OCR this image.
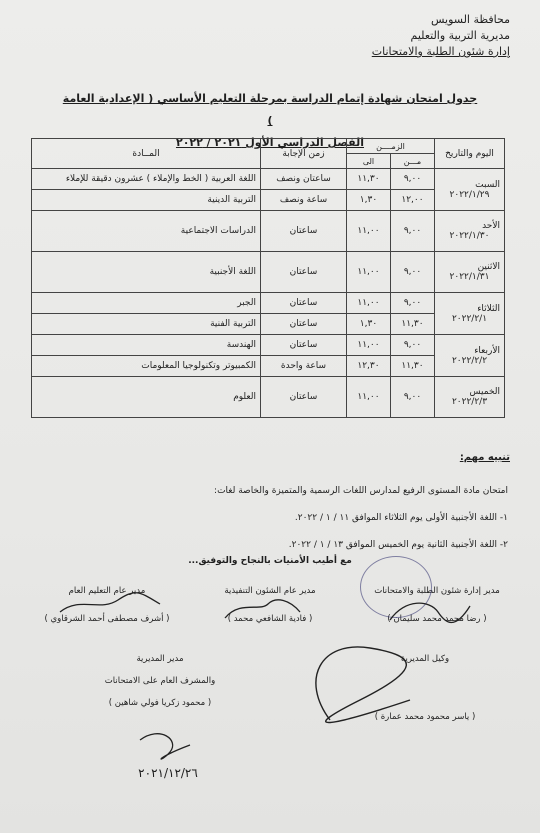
محافظة السويس
مديرية التربية والتعليم
إدارة شئون الطلبة والامتحانات
جدول امتحان شهادة إتمام الدراسة بمرحلة التعليم الأساسي ( الإعدادية العامة )
الفصل الدراسي الأول ٢٠٢١ / ٢٠٢٢
اليوم والتاريخ	الزمــــن		زمن الإجابة	المــادة
	مـــن	الى		

السبت
٢٠٢٢/١/٢٩	٩,٠٠	١١,٣٠	ساعتان ونصف	اللغة العربية ( الخط والإملاء ) عشرون دقيقة للإملاء
	١٢,٠٠	١,٣٠	ساعة ونصف	التربية الدينية

الأحد
٢٠٢٢/١/٣٠	٩,٠٠	١١,٠٠	ساعتان	الدراسات الاجتماعية

الاثنين
٢٠٢٢/١/٣١	٩,٠٠	١١,٠٠	ساعتان	اللغة الأجنبية

الثلاثاء
٢٠٢٢/٢/١	٩,٠٠	١١,٠٠	ساعتان	الجبر
	١١,٣٠	١,٣٠	ساعتان	التربية الفنية

الأربعاء
٢٠٢٢/٢/٢	٩,٠٠	١١,٠٠	ساعتان	الهندسة
	١١,٣٠	١٢,٣٠	ساعة واحدة	الكمبيوتر وتكنولوجيا المعلومات

الخميس
٢٠٢٢/٢/٣	٩,٠٠	١١,٠٠	ساعتان	العلوم
تنبيه مهم:
امتحان مادة المستوى الرفيع لمدارس اللغات الرسمية والمتميزة والخاصة لغات:
١- اللغة الأجنبية الأولى يوم الثلاثاء الموافق ١١ / ١ / ٢٠٢٢.
٢- اللغة الأجنبية الثانية يوم الخميس الموافق ١٣ / ١ / ٢٠٢٢.
مع أطيب الأمنيات بالنجاح والتوفيق...
مدير إدارة شئون الطلبة والامتحانات
( رضا محمد محمد سليمان )
مدير عام الشئون التنفيذية
( فادية الشافعي محمد )
مدير عام التعليم العام
( أشرف مصطفى أحمد الشرقاوي )
وكيل المديرية
( ياسر محمود محمد عمارة )
مدير المديرية
والمشرف العام على الامتحانات
( محمود زكريا فولي شاهين )
٢٠٢١/١٢/٢٦
